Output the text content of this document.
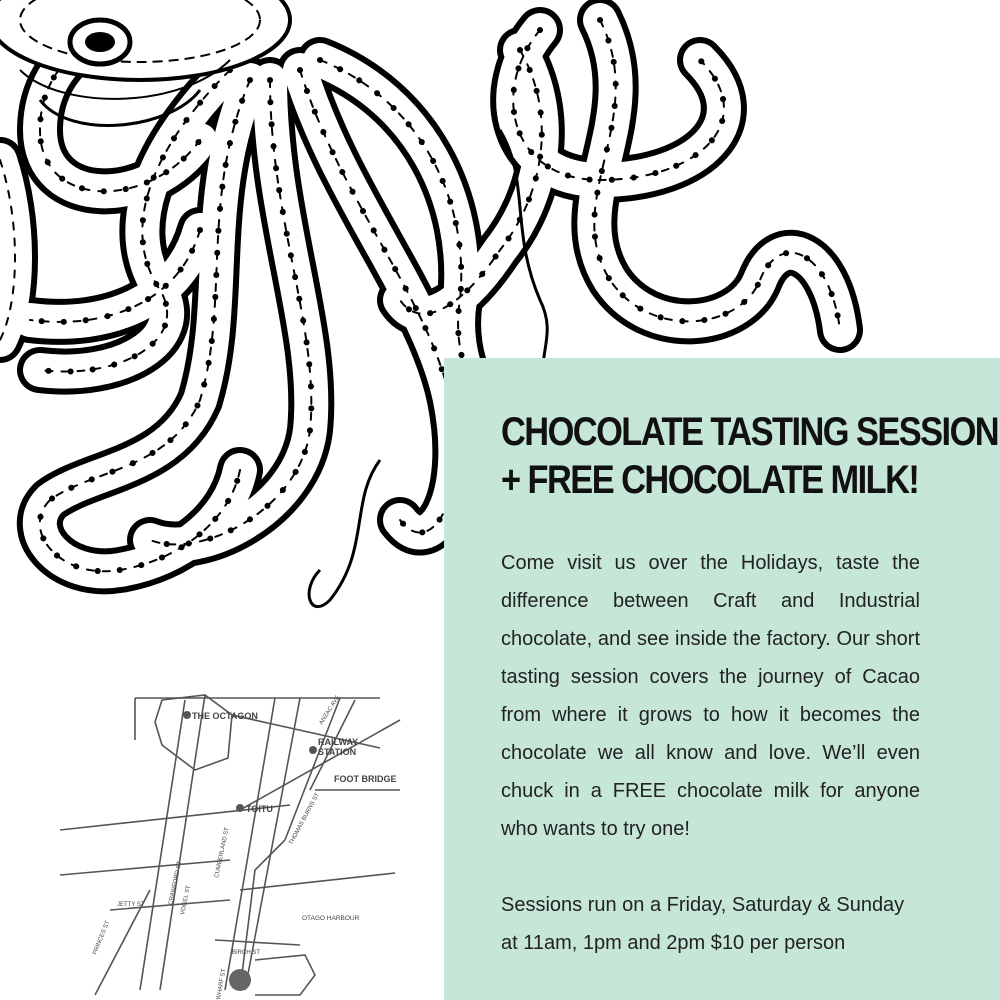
THE OCTAGON
RAILWAY
STATION
FOOT BRIDGE
TOITU
OTAGO HARBOUR
BIRCH ST
JETTY ST
ANZAC AVE
THOMAS BURNS ST
CUMBERLAND ST
CRAWFORD ST
VOGEL ST
PRINCES ST
WHARF ST
CHOCOLATE TASTING SESSION
+ FREE CHOCOLATE MILK!

Come visit us over the Holidays, taste the difference between Craft and Industrial chocolate, and see inside the factory. Our short tasting session covers the journey of Cacao from where it grows to how it becomes the chocolate we all know and love. We’ll even chuck in a FREE chocolate milk for anyone who wants to try one!

Sessions run on a Friday, Saturday & Sunday at 11am, 1pm and 2pm $10 per person
